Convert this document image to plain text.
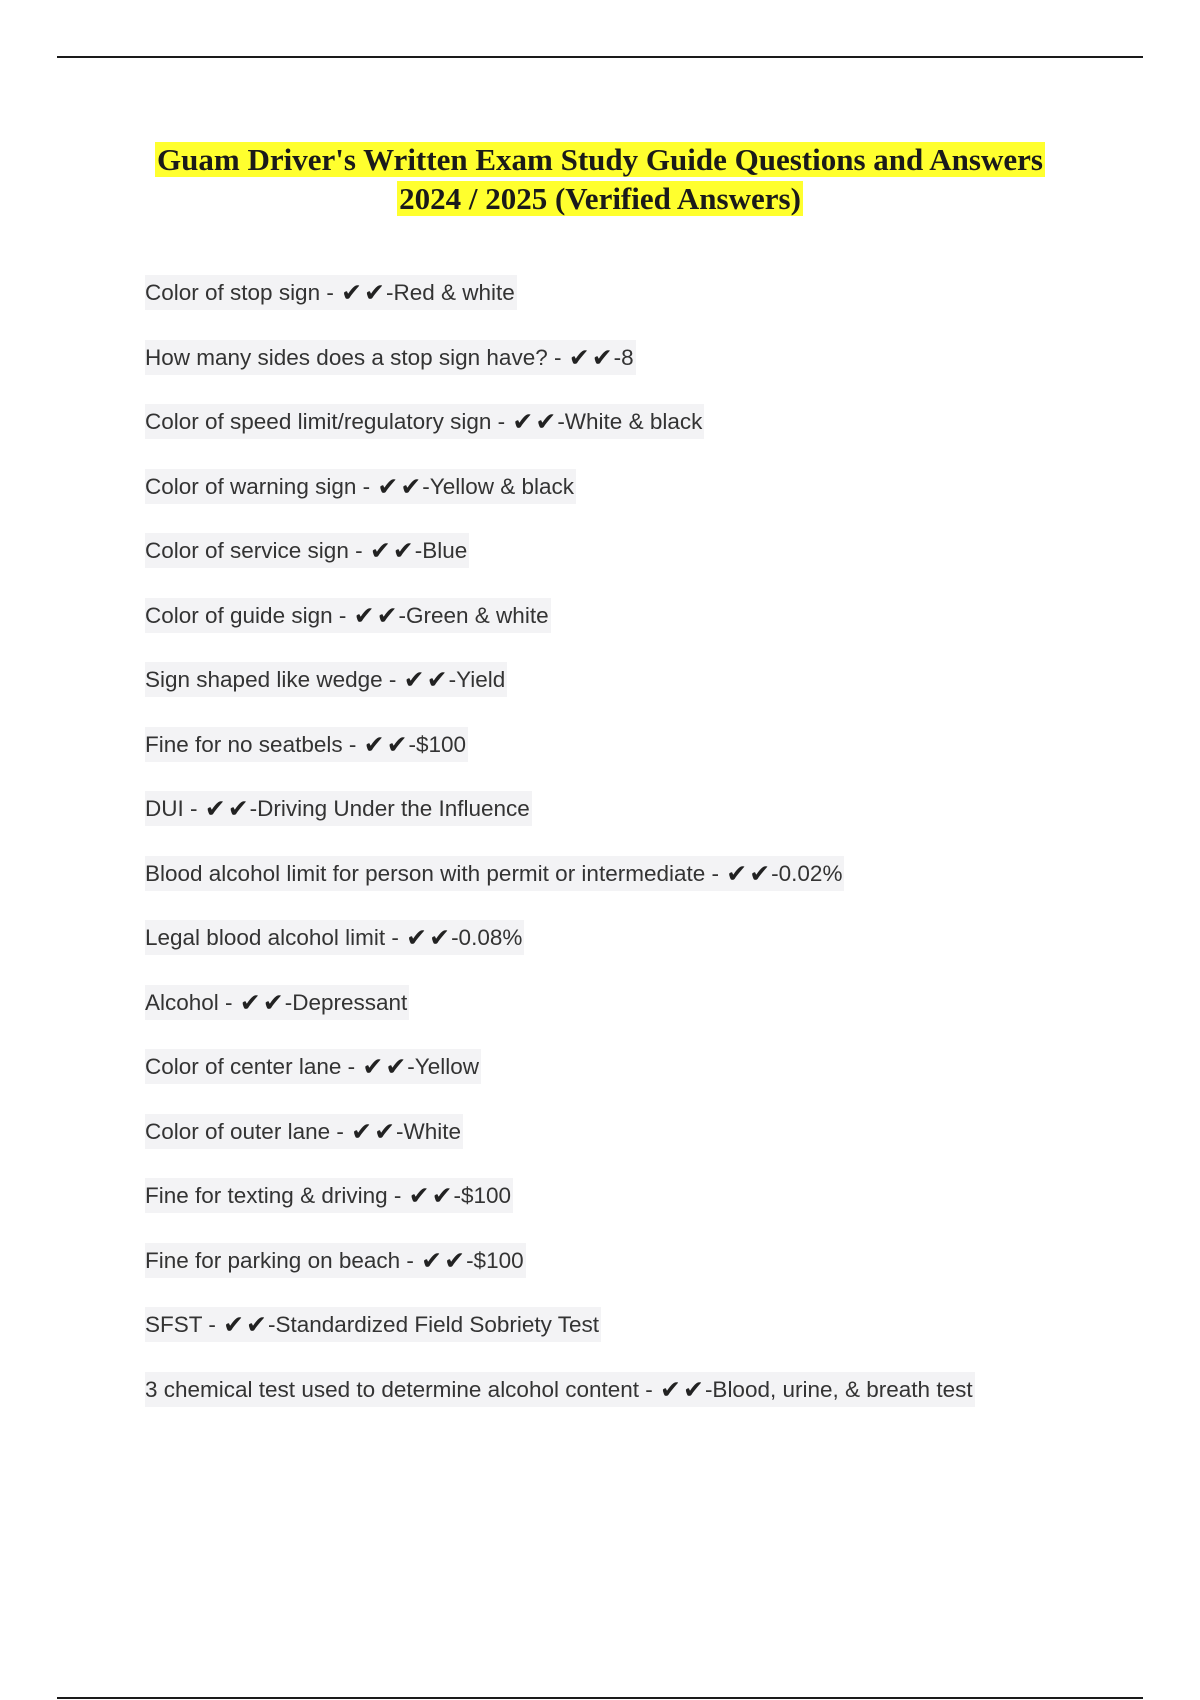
Guam Driver's Written Exam Study Guide Questions and Answers
2024 / 2025 (Verified Answers)
Color of stop sign - ✔✔-Red & white
How many sides does a stop sign have? - ✔✔-8
Color of speed limit/regulatory sign - ✔✔-White & black
Color of warning sign - ✔✔-Yellow & black
Color of service sign - ✔✔-Blue
Color of guide sign - ✔✔-Green & white
Sign shaped like wedge - ✔✔-Yield
Fine for no seatbels - ✔✔-$100
DUI - ✔✔-Driving Under the Influence
Blood alcohol limit for person with permit or intermediate - ✔✔-0.02%
Legal blood alcohol limit - ✔✔-0.08%
Alcohol - ✔✔-Depressant
Color of center lane - ✔✔-Yellow
Color of outer lane - ✔✔-White
Fine for texting & driving - ✔✔-$100
Fine for parking on beach - ✔✔-$100
SFST - ✔✔-Standardized Field Sobriety Test
3 chemical test used to determine alcohol content - ✔✔-Blood, urine, & breath test
